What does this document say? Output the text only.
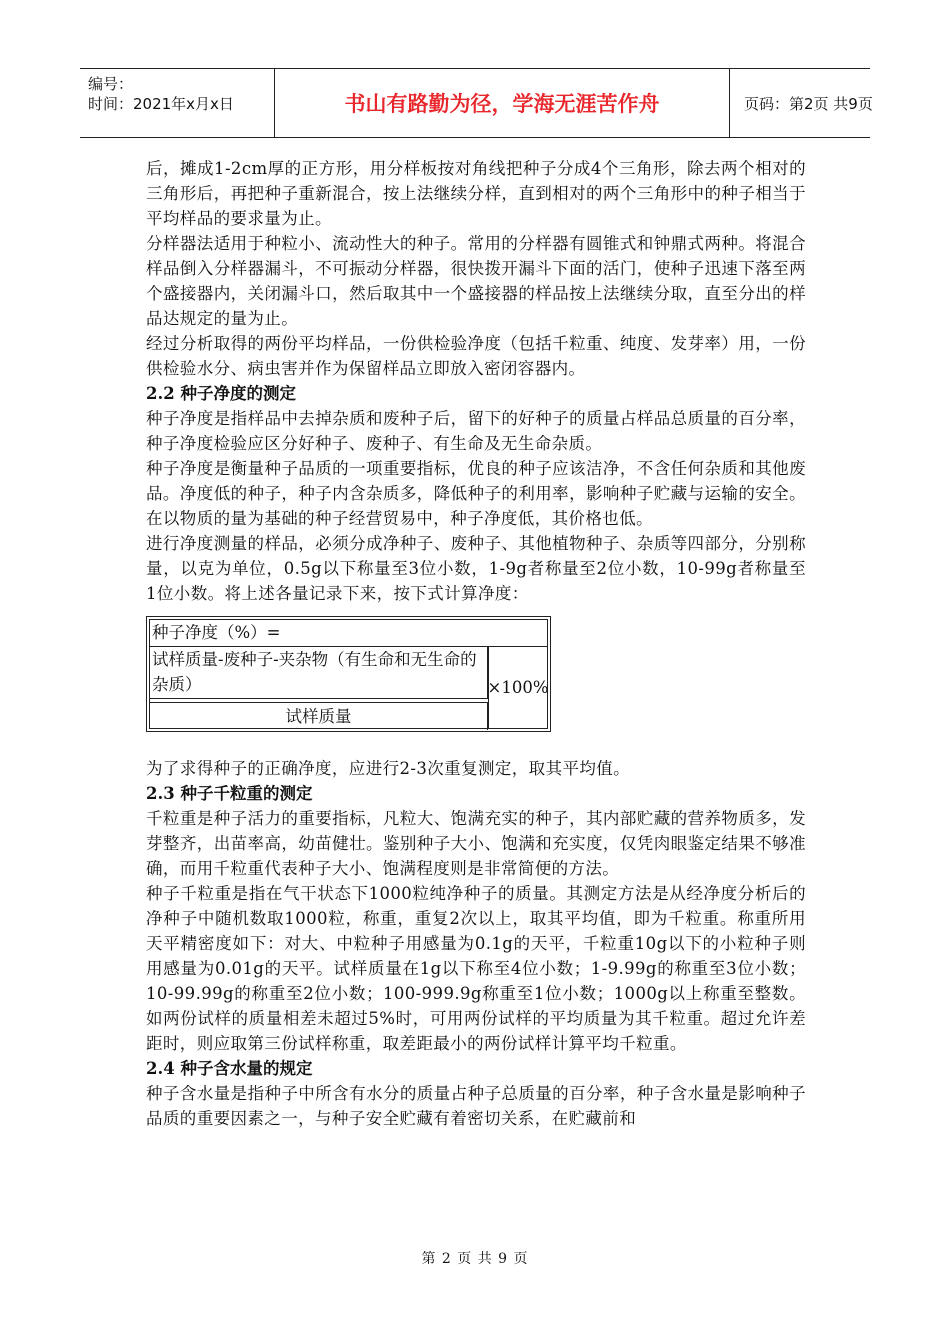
编号：
时间：2021年x月x日	书山有路勤为径，学海无涯苦作舟	页码：第2页 共9页

后，摊成1-2cm厚的正方形，用分样板按对角线把种子分成4个三角形，除去两个相对的三角形后，再把种子重新混合，按上法继续分样，直到相对的两个三角形中的种子相当于平均样品的要求量为止。

分样器法适用于种粒小、流动性大的种子。常用的分样器有圆锥式和钟鼎式两种。将混合样品倒入分样器漏斗，不可振动分样器，很快拨开漏斗下面的活门，使种子迅速下落至两个盛接器内，关闭漏斗口，然后取其中一个盛接器的样品按上法继续分取，直至分出的样品达规定的量为止。

经过分析取得的两份平均样品，一份供检验净度（包括千粒重、纯度、发芽率）用，一份供检验水分、病虫害并作为保留样品立即放入密闭容器内。

2.2 种子净度的测定

种子净度是指样品中去掉杂质和废种子后，留下的好种子的质量占样品总质量的百分率，种子净度检验应区分好种子、废种子、有生命及无生命杂质。

种子净度是衡量种子品质的一项重要指标，优良的种子应该洁净，不含任何杂质和其他废品。净度低的种子，种子内含杂质多，降低种子的利用率，影响种子贮藏与运输的安全。在以物质的量为基础的种子经营贸易中，种子净度低，其价格也低。

进行净度测量的样品，必须分成净种子、废种子、其他植物种子、杂质等四部分，分别称量，以克为单位，0.5g以下称量至3位小数，1-9g者称量至2位小数，10-99g者称量至1位小数。将上述各量记录下来，按下式计算净度：

种子净度（%）=
试样质量-废种子-夹杂物（有生命和无生命的杂质）
试样质量
×100%

为了求得种子的正确净度，应进行2-3次重复测定，取其平均值。

2.3 种子千粒重的测定

千粒重是种子活力的重要指标，凡粒大、饱满充实的种子，其内部贮藏的营养物质多，发芽整齐，出苗率高，幼苗健壮。鉴别种子大小、饱满和充实度，仅凭肉眼鉴定结果不够准确，而用千粒重代表种子大小、饱满程度则是非常简便的方法。

种子千粒重是指在气干状态下1000粒纯净种子的质量。其测定方法是从经净度分析后的净种子中随机数取1000粒，称重，重复2次以上，取其平均值，即为千粒重。称重所用天平精密度如下：对大、中粒种子用感量为0.1g的天平，千粒重10g以下的小粒种子则用感量为0.01g的天平。试样质量在1g以下称至4位小数；1-9.99g的称重至3位小数；10-99.99g的称重至2位小数；100-999.9g称重至1位小数；1000g以上称重至整数。如两份试样的质量相差未超过5%时，可用两份试样的平均质量为其千粒重。超过允许差距时，则应取第三份试样称重，取差距最小的两份试样计算平均千粒重。

2.4 种子含水量的规定

种子含水量是指种子中所含有水分的质量占种子总质量的百分率，种子含水量是影响种子品质的重要因素之一，与种子安全贮藏有着密切关系，在贮藏前和

第 2 页 共 9 页
